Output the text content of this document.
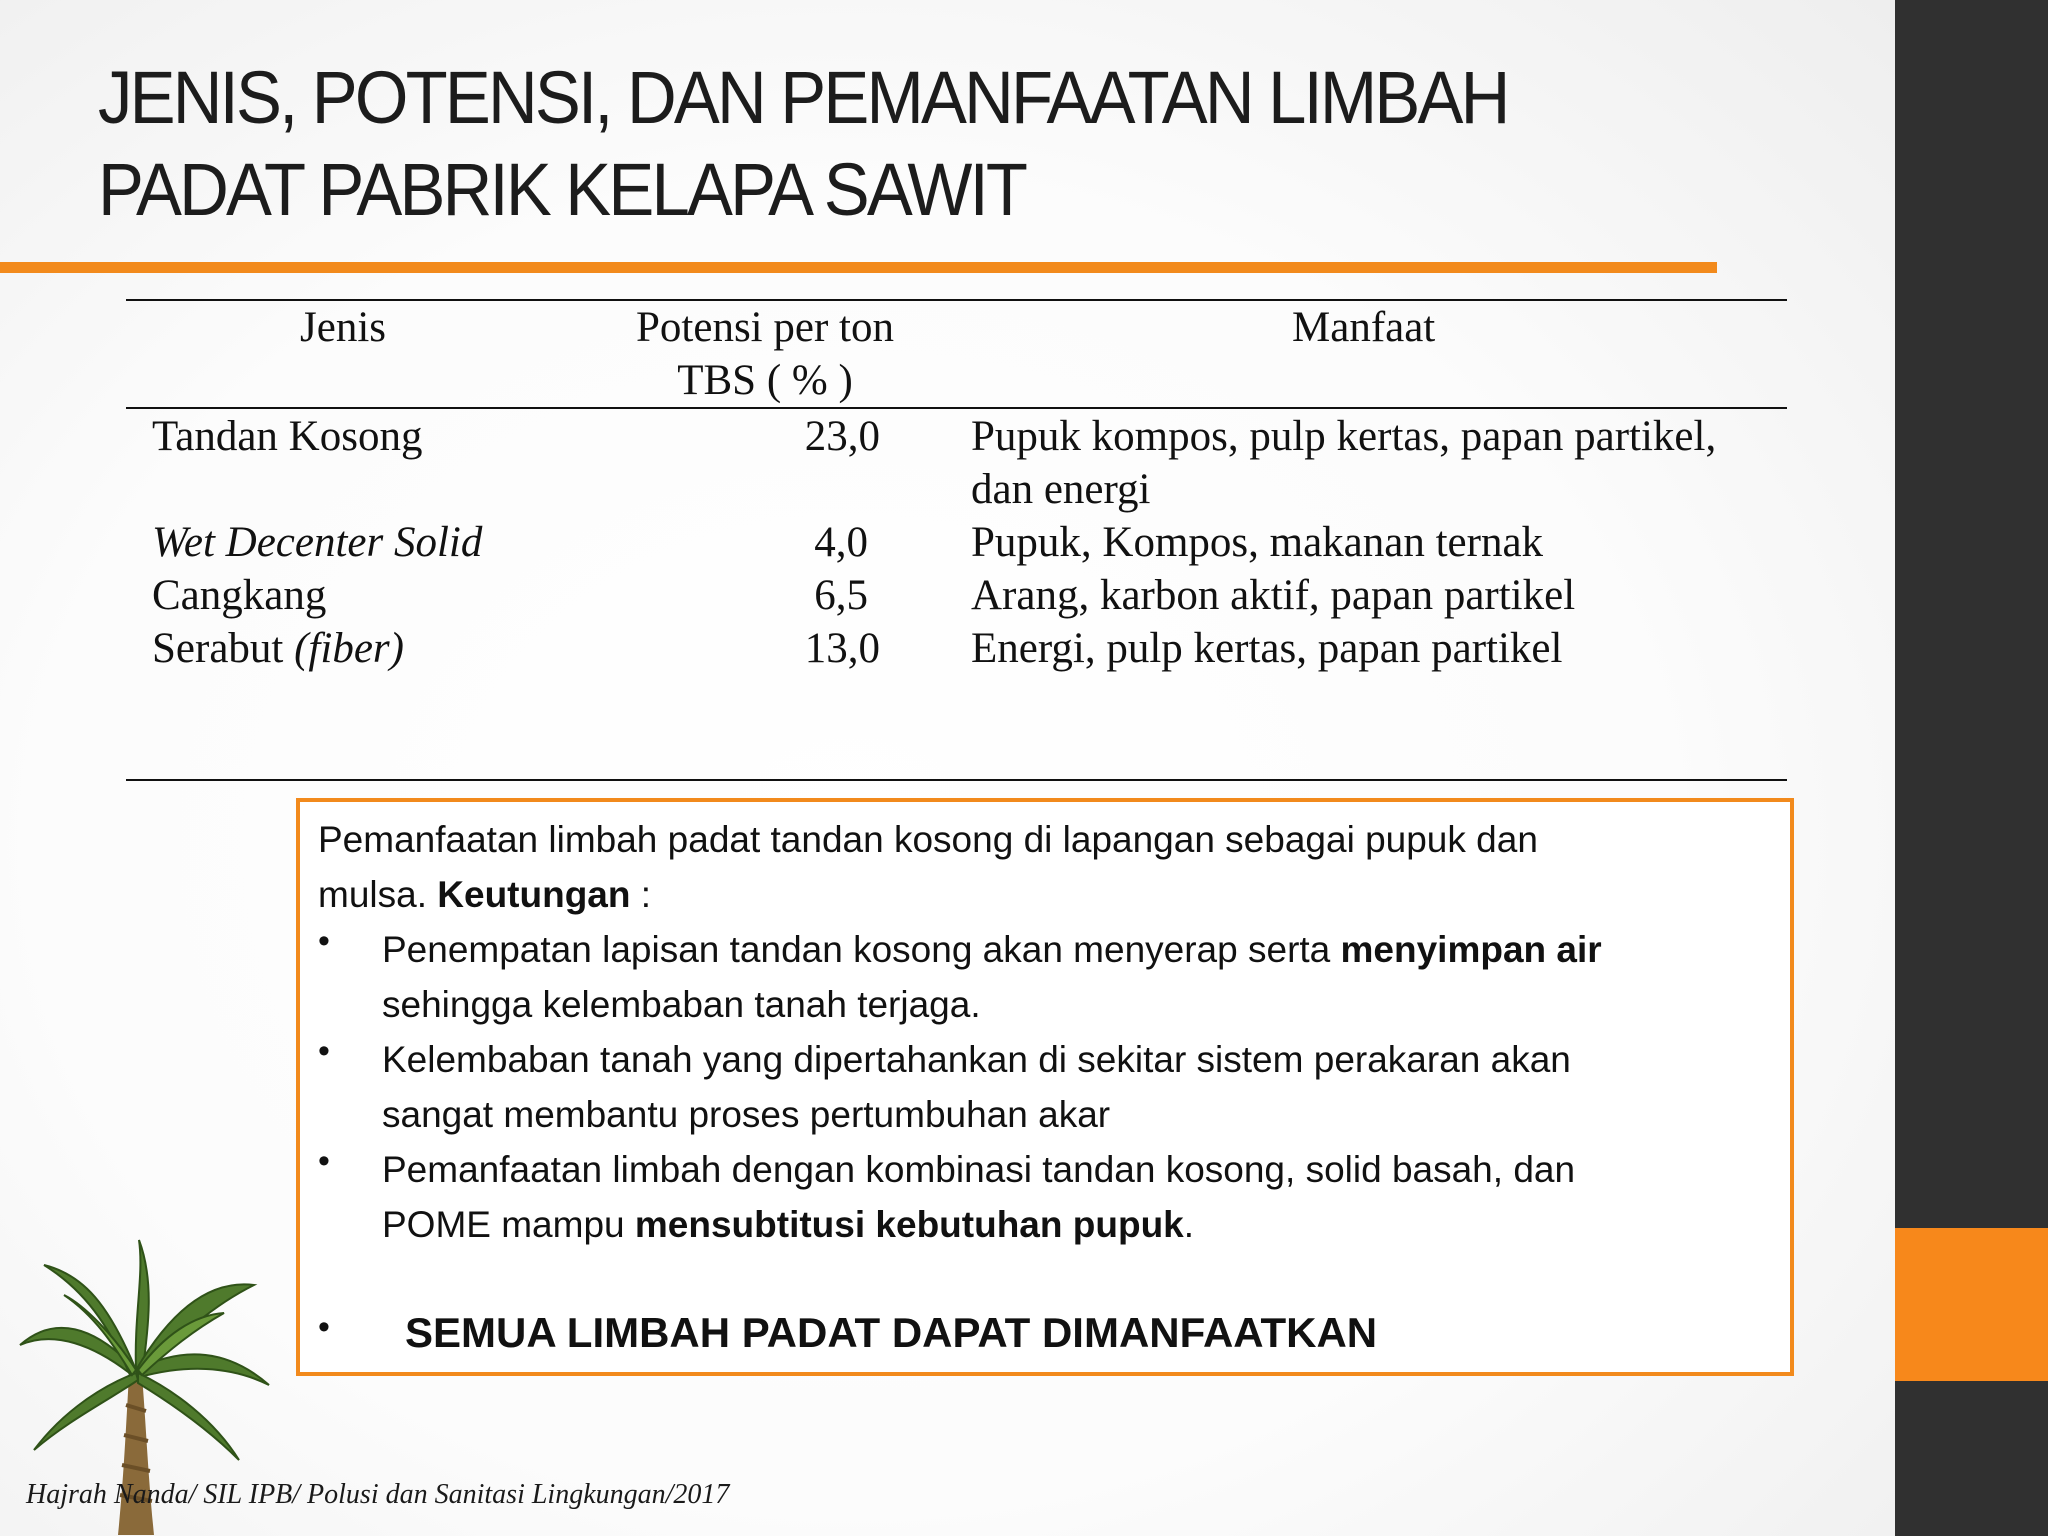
JENIS, POTENSI, DAN PEMANFAATAN LIMBAH
PADAT PABRIK KELAPA SAWIT
Jenis	Potensi per ton
TBS ( % )
Manfaat
Tandan Kosong	23,0 Pupuk kompos, pulp kertas, papan partikel,
dan energi
Wet Decenter Solid	4,0 Pupuk, Kompos, makanan ternak
Cangkang	6,5 Arang, karbon aktif, papan partikel
Serabut (fiber)	13,0 Energi, pulp kertas, papan partikel
Pemanfaatan limbah padat tandan kosong di lapangan sebagai pupuk dan
mulsa. Keutungan :
• Penempatan lapisan tandan kosong akan menyerap serta menyimpan air
sehingga kelembaban tanah terjaga.
• Kelembaban tanah yang dipertahankan di sekitar sistem perakaran akan
sangat membantu proses pertumbuhan akar
• Pemanfaatan limbah dengan kombinasi tandan kosong, solid basah, dan
POME mampu mensubtitusi kebutuhan pupuk.
• SEMUA LIMBAH PADAT DAPAT DIMANFAATKAN
Hajrah Nanda/ SIL IPB/ Polusi dan Sanitasi Lingkungan/2017
